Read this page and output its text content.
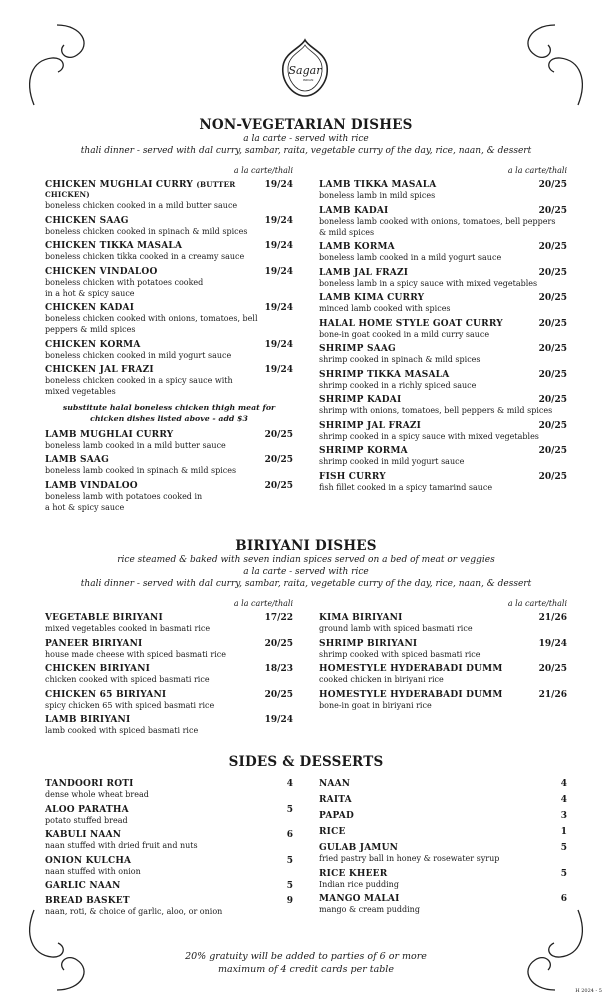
Sagar
INDIAN
NON-VEGETARIAN DISHES
a la carte - served with rice
thali dinner - served with dal curry, sambar, raita, vegetable curry of the day, rice, naan, & dessert
a la carte/thali	a la carte/thali
CHICKEN MUGHLAI CURRY (BUTTER CHICKEN)
19/24
boneless chicken cooked in a mild butter sauce
CHICKEN SAAG	19/24
boneless chicken cooked in spinach & mild spices
CHICKEN TIKKA MASALA	19/24
boneless chicken tikka cooked in a creamy sauce
CHICKEN VINDALOO	19/24
boneless chicken with potatoes cooked
in a hot & spicy sauce
CHICKEN KADAI	19/24
boneless chicken cooked with onions, tomatoes, bell
peppers & mild spices
CHICKEN KORMA	19/24
boneless chicken cooked in mild yogurt sauce
CHICKEN JAL FRAZI	19/24
boneless chicken cooked in a spicy sauce with
mixed vegetables
substitute halal boneless chicken thigh meat for
chicken dishes listed above - add $3
LAMB MUGHLAI CURRY	20/25
boneless lamb cooked in a mild butter sauce
LAMB SAAG	20/25
boneless lamb cooked in spinach & mild spices
LAMB VINDALOO	20/25
boneless lamb with potatoes cooked in
a hot & spicy sauce
LAMB TIKKA MASALA	20/25
boneless lamb in mild spices
LAMB KADAI	20/25
boneless lamb cooked with onions, tomatoes, bell peppers
& mild spices
LAMB KORMA	20/25
boneless lamb cooked in a mild yogurt sauce
LAMB JAL FRAZI	20/25
boneless lamb in a spicy sauce with mixed vegetables
LAMB KIMA CURRY	20/25
minced lamb cooked with spices
HALAL HOME STYLE GOAT CURRY	20/25
bone-in goat cooked in a mild curry sauce
SHRIMP SAAG	20/25
shrimp cooked in spinach & mild spices
SHRIMP TIKKA MASALA	20/25
shrimp cooked in a richly spiced sauce
SHRIMP KADAI	20/25
shrimp with onions, tomatoes, bell peppers & mild spices
SHRIMP JAL FRAZI	20/25
shrimp cooked in a spicy sauce with mixed vegetables
SHRIMP KORMA	20/25
shrimp cooked in mild yogurt sauce
FISH CURRY	20/25
fish fillet cooked in a spicy tamarind sauce
BIRIYANI DISHES
rice steamed & baked with seven indian spices served on a bed of meat or veggies
a la carte - served with rice
thali dinner - served with dal curry, sambar, raita, vegetable curry of the day, rice, naan, & dessert
a la carte/thali	a la carte/thali
VEGETABLE BIRIYANI	17/22
mixed vegetables cooked in basmati rice
PANEER BIRIYANI	20/25
house made cheese with spiced basmati rice
CHICKEN BIRIYANI	18/23
chicken cooked with spiced basmati rice
CHICKEN 65 BIRIYANI	20/25
spicy chicken 65 with spiced basmati rice
LAMB BIRIYANI	19/24
lamb cooked with spiced basmati rice
KIMA BIRIYANI	21/26
ground lamb with spiced basmati rice
SHRIMP BIRIYANI	19/24
shrimp cooked with spiced basmati rice
HOMESTYLE HYDERABADI DUMM	20/25
cooked chicken in biriyani rice
HOMESTYLE HYDERABADI DUMM	21/26
bone-in goat in biriyani rice
SIDES & DESSERTS
TANDOORI ROTI	4
dense whole wheat bread
ALOO PARATHA	5
potato stuffed bread
KABULI NAAN	6
naan stuffed with dried fruit and nuts
ONION KULCHA	5
naan stuffed with onion
GARLIC NAAN	5
BREAD BASKET	9
naan, roti, & choice of garlic, aloo, or onion
NAAN	4
RAITA	4
PAPAD	3
RICE	1
GULAB JAMUN	5
fried pastry ball in honey & rosewater syrup
RICE KHEER	5
Indian rice pudding
MANGO MALAI	6
mango & cream pudding
20% gratuity will be added to parties of 6 or more
maximum of 4 credit cards per table
H 2024 - 5
